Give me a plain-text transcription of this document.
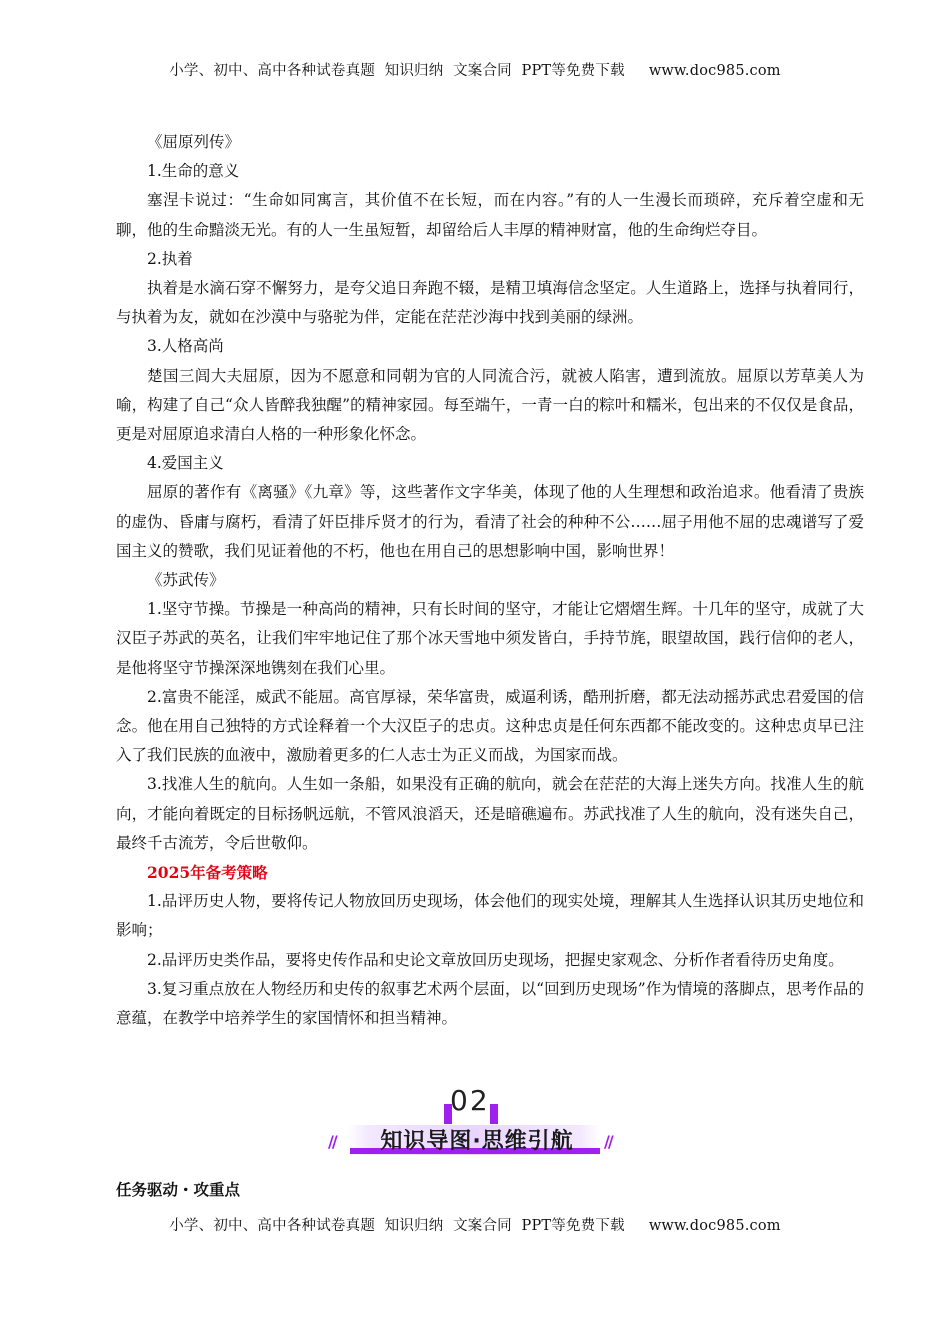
小学、初中、高中各种试卷真题  知识归纳  文案合同  PPT等免费下载     www.doc985.com

《屈原列传》

1.生命的意义

塞涅卡说过：“生命如同寓言，其价值不在长短，而在内容。”有的人一生漫长而琐碎，充斥着空虚和无聊，他的生命黯淡无光。有的人一生虽短暂，却留给后人丰厚的精神财富，他的生命绚烂夺目。

2.执着

执着是水滴石穿不懈努力，是夸父追日奔跑不辍，是精卫填海信念坚定。人生道路上，选择与执着同行，与执着为友，就如在沙漠中与骆驼为伴，定能在茫茫沙海中找到美丽的绿洲。

3.人格高尚

楚国三闾大夫屈原，因为不愿意和同朝为官的人同流合污，就被人陷害，遭到流放。屈原以芳草美人为喻，构建了自己“众人皆醉我独醒”的精神家园。每至端午，一青一白的粽叶和糯米，包出来的不仅仅是食品，更是对屈原追求清白人格的一种形象化怀念。

4.爱国主义

屈原的著作有《离骚》《九章》等，这些著作文字华美，体现了他的人生理想和政治追求。他看清了贵族的虚伪、昏庸与腐朽，看清了奸臣排斥贤才的行为，看清了社会的种种不公……屈子用他不屈的忠魂谱写了爱国主义的赞歌，我们见证着他的不朽，他也在用自己的思想影响中国，影响世界！

《苏武传》

1.坚守节操。节操是一种高尚的精神，只有长时间的坚守，才能让它熠熠生辉。十几年的坚守，成就了大汉臣子苏武的英名，让我们牢牢地记住了那个冰天雪地中须发皆白，手持节旄，眼望故国，践行信仰的老人，是他将坚守节操深深地镌刻在我们心里。

2.富贵不能淫，威武不能屈。高官厚禄，荣华富贵，威逼利诱，酷刑折磨，都无法动摇苏武忠君爱国的信念。他在用自己独特的方式诠释着一个大汉臣子的忠贞。这种忠贞是任何东西都不能改变的。这种忠贞早已注入了我们民族的血液中，激励着更多的仁人志士为正义而战，为国家而战。

3.找准人生的航向。人生如一条船，如果没有正确的航向，就会在茫茫的大海上迷失方向。找准人生的航向，才能向着既定的目标扬帆远航，不管风浪滔天，还是暗礁遍布。苏武找准了人生的航向，没有迷失自己，最终千古流芳，令后世敬仰。

2025年备考策略

1.品评历史人物，要将传记人物放回历史现场，体会他们的现实处境，理解其人生选择认识其历史地位和影响；

2.品评历史类作品，要将史传作品和史论文章放回历史现场，把握史家观念、分析作者看待历史角度。

3.复习重点放在人物经历和史传的叙事艺术两个层面，以“回到历史现场”作为情境的落脚点，思考作品的意蕴，在教学中培养学生的家国情怀和担当精神。

02
//	知识导图·思维引航	//
任务驱动・攻重点
小学、初中、高中各种试卷真题  知识归纳  文案合同  PPT等免费下载     www.doc985.com
